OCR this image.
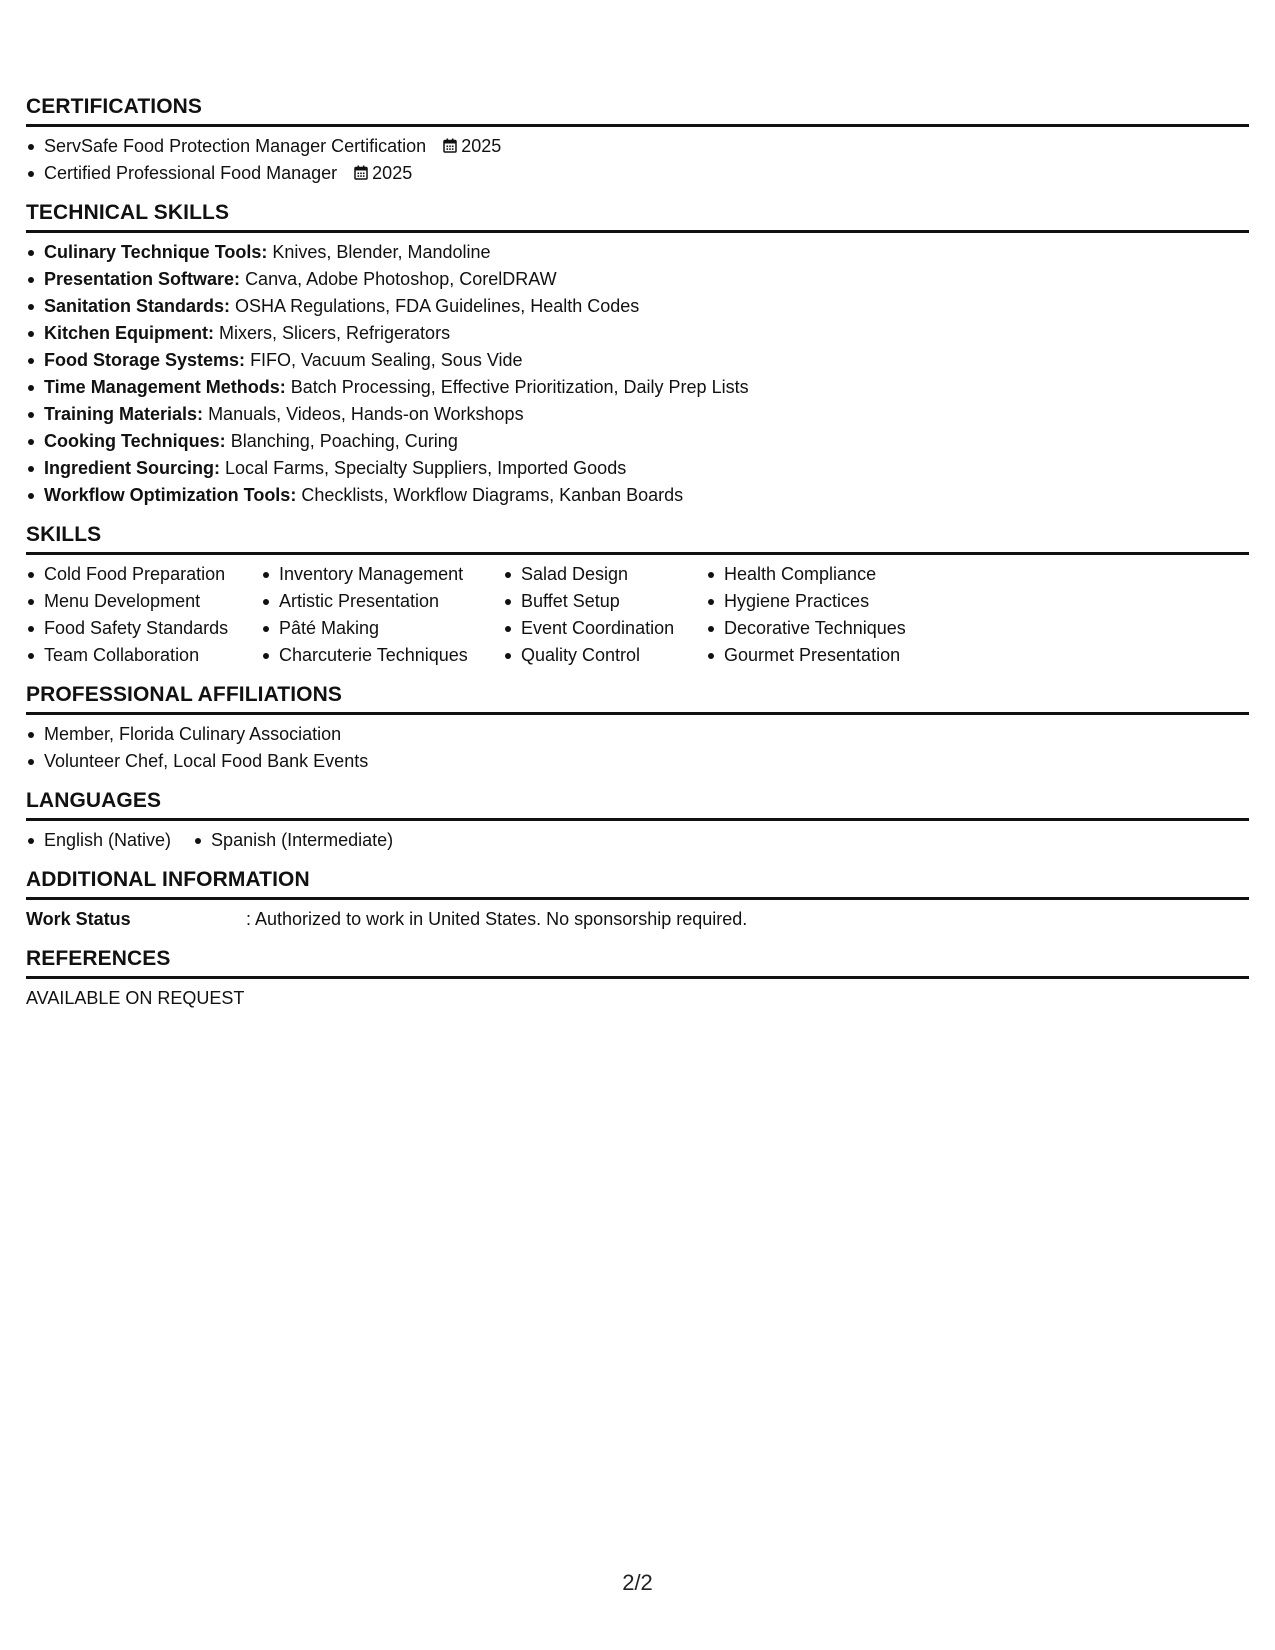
CERTIFICATIONS
ServSafe Food Protection Manager Certification 2025
Certified Professional Food Manager 2025
TECHNICAL SKILLS
Culinary Technique Tools: Knives, Blender, Mandoline
Presentation Software: Canva, Adobe Photoshop, CorelDRAW
Sanitation Standards: OSHA Regulations, FDA Guidelines, Health Codes
Kitchen Equipment: Mixers, Slicers, Refrigerators
Food Storage Systems: FIFO, Vacuum Sealing, Sous Vide
Time Management Methods: Batch Processing, Effective Prioritization, Daily Prep Lists
Training Materials: Manuals, Videos, Hands-on Workshops
Cooking Techniques: Blanching, Poaching, Curing
Ingredient Sourcing: Local Farms, Specialty Suppliers, Imported Goods
Workflow Optimization Tools: Checklists, Workflow Diagrams, Kanban Boards
SKILLS
Cold Food Preparation
Menu Development
Food Safety Standards
Team Collaboration
Inventory Management
Artistic Presentation
Pâté Making
Charcuterie Techniques
Salad Design
Buffet Setup
Event Coordination
Quality Control
Health Compliance
Hygiene Practices
Decorative Techniques
Gourmet Presentation
PROFESSIONAL AFFILIATIONS
Member, Florida Culinary Association
Volunteer Chef, Local Food Bank Events
LANGUAGES
English (Native)	Spanish (Intermediate)
ADDITIONAL INFORMATION
Work Status	: Authorized to work in United States. No sponsorship required.
REFERENCES
AVAILABLE ON REQUEST
2/2
